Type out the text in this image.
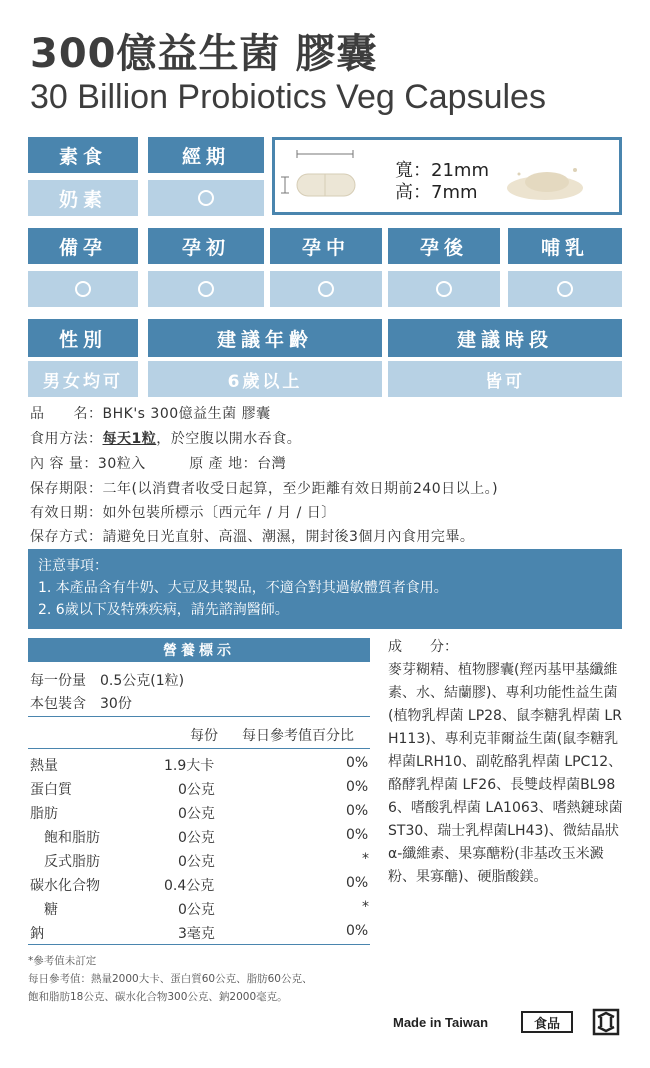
300億益生菌 膠囊
30 Billion Probiotics Veg Capsules
素食	經期
奶素
寬：21mm
高：7mm
備孕	孕初	孕中	孕後	哺乳
性別	建議年齡	建議時段
男女均可	6歲以上	皆可
品　　名：BHK's 300億益生菌 膠囊
食用方法：每天1粒，於空腹以開水吞食。
內 容 量：30粒入　　　原 產 地：台灣
保存期限：二年(以消費者收受日起算，至少距離有效日期前240日以上。)
有效日期：如外包裝所標示〔西元年 / 月 / 日〕
保存方式：請避免日光直射、高溫、潮濕，開封後3個月內食用完畢。
注意事項：
1. 本產品含有牛奶、大豆及其製品，不適合對其過敏體質者食用。
2. 6歲以下及特殊疾病，請先諮詢醫師。
營養標示
每一份量　 0.5公克(1粒)
本包裝含　 30份
每份 每日參考值百分比
熱量	1.9大卡	0%
蛋白質	0公克	0%
脂肪	0公克	0%
飽和脂肪	0公克	0%
反式脂肪	0公克	*
碳水化合物	0.4公克	0%
糖	0公克	*
鈉	3毫克	0%
*參考值未訂定
每日參考值：熱量2000大卡、蛋白質60公克、脂肪60公克、
飽和脂肪18公克、碳水化合物300公克、鈉2000毫克。
成　　分：
麥芽糊精、植物膠囊(羥丙基甲基纖維素、水、結蘭膠)、專利功能性益生菌(植物乳桿菌 LP28、鼠李糖乳桿菌 LRH113)、專利克菲爾益生菌(鼠李糖乳桿菌LRH10、副乾酪乳桿菌 LPC12、 酪酵乳桿菌 LF26、長雙歧桿菌BL986、嗜酸乳桿菌 LA1063、嗜熱鏈球菌 ST30、瑞士乳桿菌LH43)、微結晶狀α-纖維素、果寡醣粉(非基改玉米澱粉、果寡醣)、硬脂酸鎂。
Made in Taiwan	食品
